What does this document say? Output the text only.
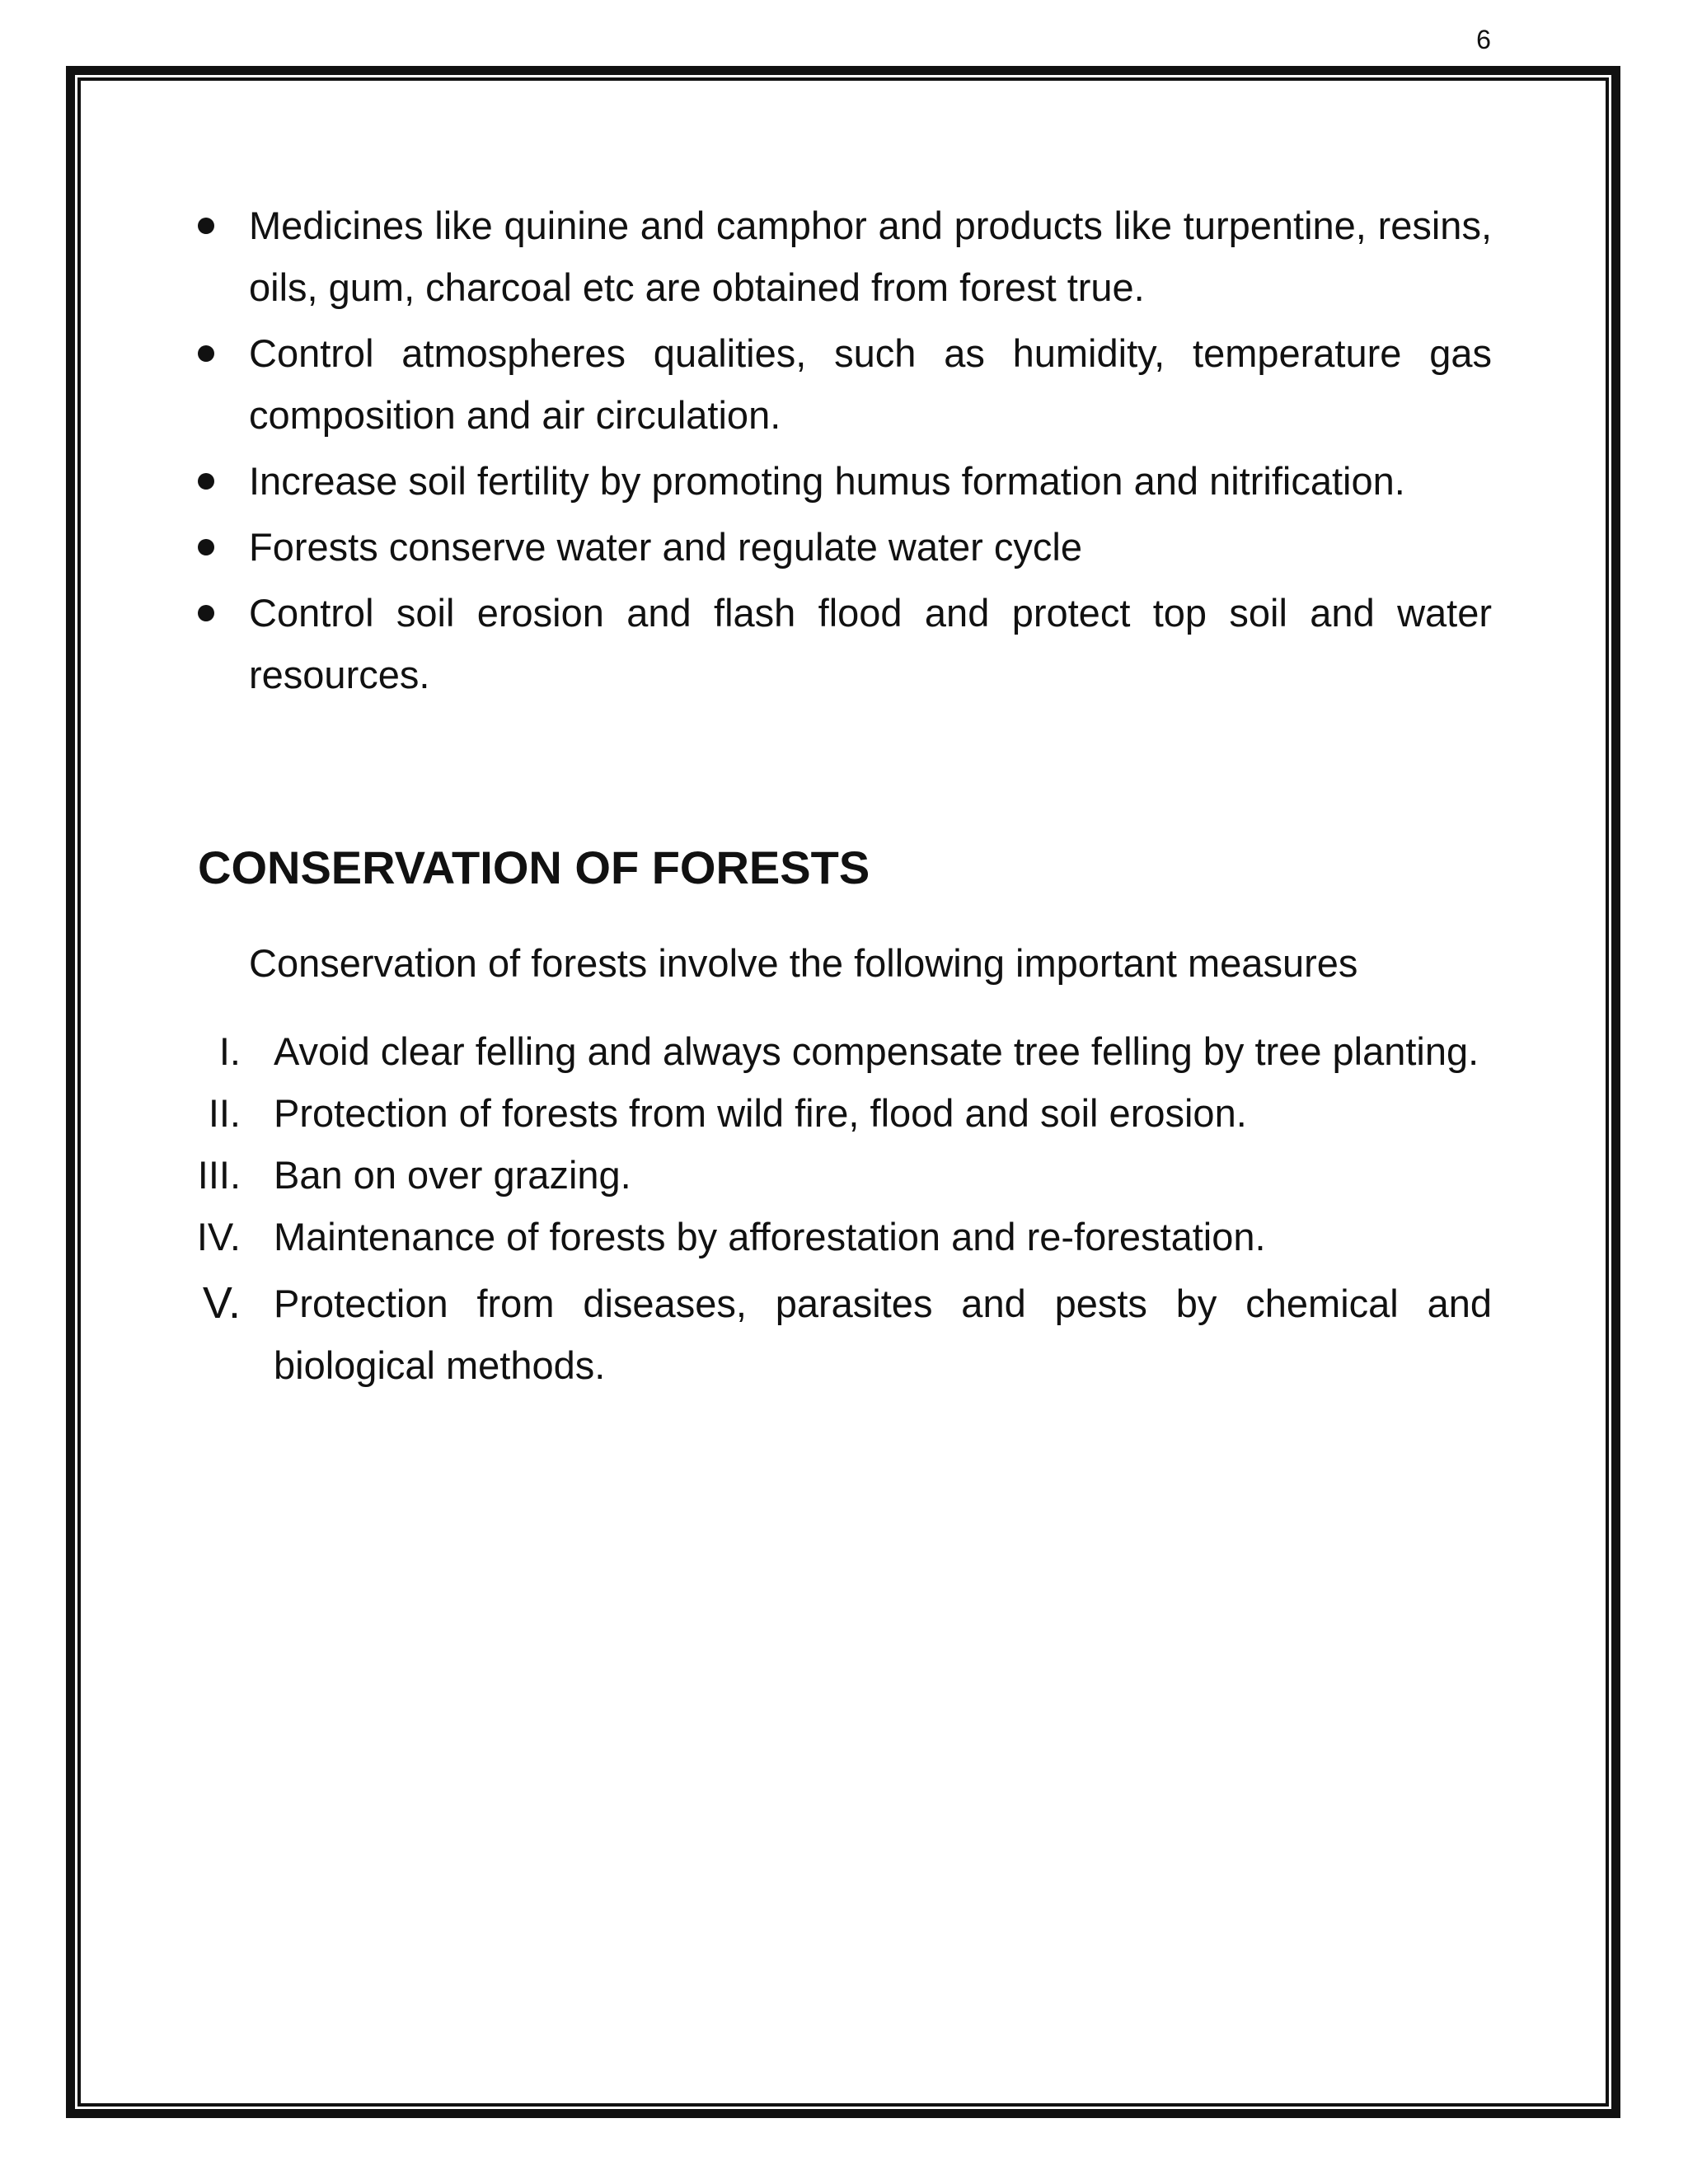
6
Medicines like quinine and camphor and products like turpentine, resins, oils, gum, charcoal etc are obtained from forest true.
Control atmospheres qualities, such as humidity, temperature gas composition and air circulation.
Increase soil fertility by promoting humus formation and nitrification.
Forests conserve water and regulate water cycle
Control soil erosion and flash flood and protect top soil and water resources.
CONSERVATION OF FORESTS
Conservation of forests involve the following important measures
I. Avoid clear felling and always compensate tree felling by tree planting.
II. Protection of forests from wild fire, flood and soil erosion.
III. Ban on over grazing.
IV. Maintenance of forests by afforestation and re-forestation.
V. Protection from diseases, parasites and pests by chemical and biological methods.
